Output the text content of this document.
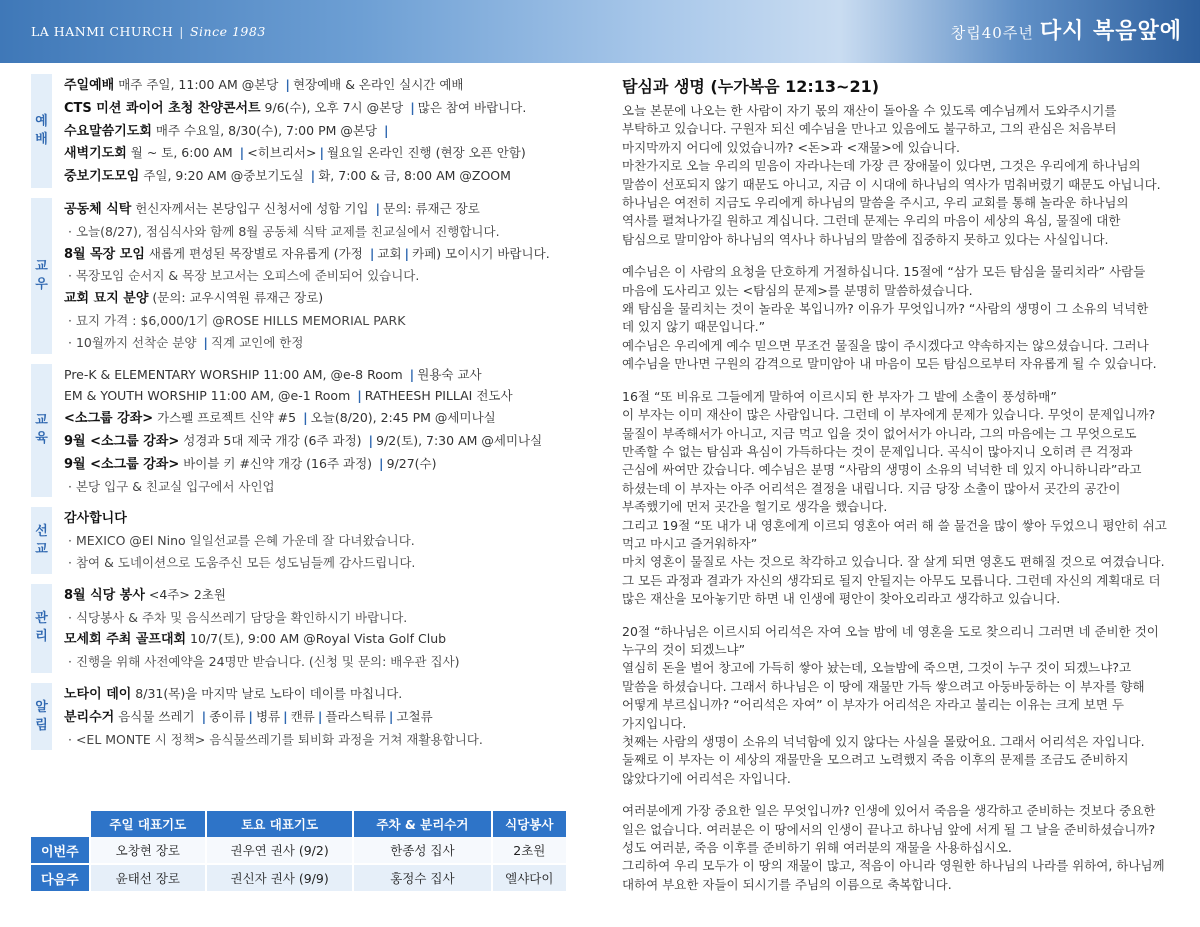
LA HANMI CHURCH | Since 1983	창립40주년 다시 복음앞에
예
배
주일예배 매주 주일, 11:00 AM @본당 | 현장예배 & 온라인 실시간 예배
CTS 미션 콰이어 초청 찬양콘서트 9/6(수), 오후 7시 @본당 | 많은 참여 바랍니다.
수요말씀기도회 매주 수요일, 8/30(수), 7:00 PM @본당 |
새벽기도회 월 ~ 토, 6:00 AM | <히브리서> | 월요일 온라인 진행 (현장 오픈 안함)
중보기도모임 주일, 9:20 AM @중보기도실 | 화, 7:00 & 금, 8:00 AM @ZOOM
교
우
공동체 식탁 헌신자께서는 본당입구 신청서에 성함 기입 | 문의: 류재근 장로
· 오늘(8/27), 점심식사와 함께 8월 공동체 식탁 교제를 친교실에서 진행합니다.
8월 목장 모임 새롭게 편성된 목장별로 자유롭게 (가정 | 교회 | 카페) 모이시기 바랍니다.
· 목장모임 순서지 & 목장 보고서는 오피스에 준비되어 있습니다.
교회 묘지 분양 (문의: 교우시역원 류재근 장로)
· 묘지 가격 : $6,000/1기 @ROSE HILLS MEMORIAL PARK
· 10월까지 선착순 분양 | 직계 교인에 한정
교
육
Pre-K & ELEMENTARY WORSHIP 11:00 AM, @e-8 Room | 원용숙 교사
EM & YOUTH WORSHIP 11:00 AM, @e-1 Room | RATHEESH PILLAI 전도사
<소그룹 강좌> 가스펠 프로젝트 신약 #5 | 오늘(8/20), 2:45 PM @세미나실
9월 <소그룹 강좌> 성경과 5대 제국 개강 (6주 과정) | 9/2(토), 7:30 AM @세미나실
9월 <소그룹 강좌> 바이블 키 #신약 개강 (16주 과정) | 9/27(수)
· 본당 입구 & 친교실 입구에서 사인업
선
교
감사합니다
· MEXICO @El Nino 일일선교를 은혜 가운데 잘 다녀왔습니다.
· 참여 & 도네이션으로 도움주신 모든 성도님들께 감사드립니다.
관
리
8월 식당 봉사 <4주> 2초원
· 식당봉사 & 주차 및 음식쓰레기 담당을 확인하시기 바랍니다.
모세회 주최 골프대회 10/7(토), 9:00 AM @Royal Vista Golf Club
· 진행을 위해 사전예약을 24명만 받습니다. (신청 및 문의: 배우관 집사)
알
림
노타이 데이 8/31(목)을 마지막 날로 노타이 데이를 마칩니다.
분리수거 음식물 쓰레기 | 종이류 | 병류 | 캔류 | 플라스틱류 | 고철류
· <EL MONTE 시 정책> 음식물쓰레기를 퇴비화 과정을 거쳐 재활용합니다.
	주일 대표기도	토요 대표기도	주차 & 분리수거	식당봉사
이번주	오창현 장로	권우연 권사 (9/2)	한종성 집사	2초원
다음주	윤태선 장로	권신자 권사 (9/9)	홍정수 집사	엘샤다이
탐심과 생명 (누가복음 12:13~21)

오늘 본문에 나오는 한 사람이 자기 몫의 재산이 돌아올 수 있도록 예수님께서 도와주시기를
부탁하고 있습니다. 구원자 되신 예수님을 만나고 있음에도 불구하고, 그의 관심은 처음부터
마지막까지 어디에 있었습니까? <돈>과 <재물>에 있습니다.
마찬가지로 오늘 우리의 믿음이 자라나는데 가장 큰 장애물이 있다면, 그것은 우리에게 하나님의
말씀이 선포되지 않기 때문도 아니고, 지금 이 시대에 하나님의 역사가 멈춰버렸기 때문도 아닙니다.
하나님은 여전히 지금도 우리에게 하나님의 말씀을 주시고, 우리 교회를 통해 놀라운 하나님의
역사를 펼쳐나가길 원하고 계십니다. 그런데 문제는 우리의 마음이 세상의 욕심, 물질에 대한
탐심으로 말미암아 하나님의 역사나 하나님의 말씀에 집중하지 못하고 있다는 사실입니다.

예수님은 이 사람의 요청을 단호하게 거절하십니다. 15절에 “삼가 모든 탐심을 물리치라” 사람들
마음에 도사리고 있는 <탐심의 문제>를 분명히 말씀하셨습니다.
왜 탐심을 물리치는 것이 놀라운 복입니까? 이유가 무엇입니까? “사람의 생명이 그 소유의 넉넉한
데 있지 않기 때문입니다.”
예수님은 우리에게 예수 믿으면 무조건 물질을 많이 주시겠다고 약속하지는 않으셨습니다. 그러나
예수님을 만나면 구원의 감격으로 말미암아 내 마음이 모든 탐심으로부터 자유롭게 될 수 있습니다.

16절 “또 비유로 그들에게 말하여 이르시되 한 부자가 그 밭에 소출이 풍성하매”
이 부자는 이미 재산이 많은 사람입니다. 그런데 이 부자에게 문제가 있습니다. 무엇이 문제입니까?
물질이 부족해서가 아니고, 지금 먹고 입을 것이 없어서가 아니라, 그의 마음에는 그 무엇으로도
만족할 수 없는 탐심과 욕심이 가득하다는 것이 문제입니다. 곡식이 많아지니 오히려 큰 걱정과
근심에 싸여만 갔습니다. 예수님은 분명 “사람의 생명이 소유의 넉넉한 데 있지 아니하니라”라고
하셨는데 이 부자는 아주 어리석은 결정을 내립니다. 지금 당장 소출이 많아서 곳간의 공간이
부족했기에 먼저 곳간을 헐기로 생각을 했습니다.
그리고 19절 “또 내가 내 영혼에게 이르되 영혼아 여러 해 쓸 물건을 많이 쌓아 두었으니 평안히 쉬고
먹고 마시고 즐거워하자”
마치 영혼이 물질로 사는 것으로 착각하고 있습니다. 잘 살게 되면 영혼도 편해질 것으로 여겼습니다.
그 모든 과정과 결과가 자신의 생각되로 될지 안될지는 아무도 모릅니다. 그런데 자신의 계획대로 더
많은 재산을 모아놓기만 하면 내 인생에 평안이 찾아오리라고 생각하고 있습니다.

20절 “하나님은 이르시되 어리석은 자여 오늘 밤에 네 영혼을 도로 찾으리니 그러면 네 준비한 것이
누구의 것이 되겠느냐”
열심히 돈을 벌어 창고에 가득히 쌓아 놨는데, 오늘밤에 죽으면, 그것이 누구 것이 되겠느냐?고
말씀을 하셨습니다. 그래서 하나님은 이 땅에 재물만 가득 쌓으려고 아둥바둥하는 이 부자를 향해
어떻게 부르십니까? “어리석은 자여” 이 부자가 어리석은 자라고 불리는 이유는 크게 보면 두
가지입니다.
첫째는 사람의 생명이 소유의 넉넉함에 있지 않다는 사실을 몰랐어요. 그래서 어리석은 자입니다.
둘째로 이 부자는 이 세상의 재물만을 모으려고 노력했지 죽음 이후의 문제를 조금도 준비하지
않았다기에 어리석은 자입니다.

여러분에게 가장 중요한 일은 무엇입니까? 인생에 있어서 죽음을 생각하고 준비하는 것보다 중요한
일은 없습니다. 여러분은 이 땅에서의 인생이 끝나고 하나님 앞에 서게 될 그 날을 준비하셨습니까?
성도 여러분, 죽음 이후를 준비하기 위해 여러분의 재물을 사용하십시오.
그리하여 우리 모두가 이 땅의 재물이 많고, 적음이 아니라 영원한 하나님의 나라를 위하여, 하나님께
대하여 부요한 자들이 되시기를 주님의 이름으로 축복합니다.
